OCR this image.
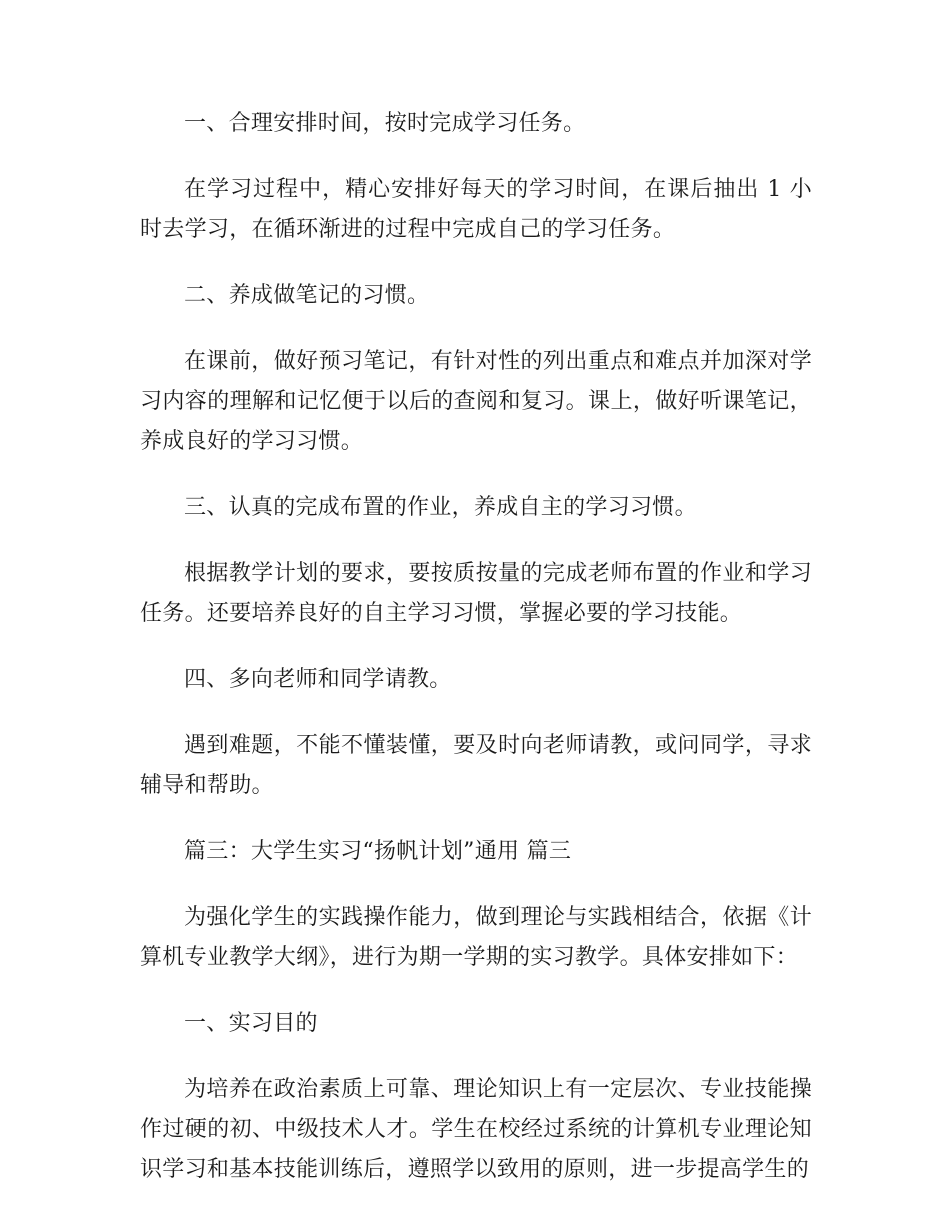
一、合理安排时间，按时完成学习任务。

在学习过程中，精心安排好每天的学习时间，在课后抽出 1 小时去学习，在循环渐进的过程中完成自己的学习任务。

二、养成做笔记的习惯。

在课前，做好预习笔记，有针对性的列出重点和难点并加深对学习内容的理解和记忆便于以后的查阅和复习。课上，做好听课笔记，养成良好的学习习惯。

三、认真的完成布置的作业，养成自主的学习习惯。

根据教学计划的要求，要按质按量的完成老师布置的作业和学习任务。还要培养良好的自主学习习惯，掌握必要的学习技能。

四、多向老师和同学请教。

遇到难题，不能不懂装懂，要及时向老师请教，或问同学，寻求辅导和帮助。

篇三：大学生实习“扬帆计划”通用 篇三

为强化学生的实践操作能力，做到理论与实践相结合，依据《计算机专业教学大纲》，进行为期一学期的实习教学。具体安排如下：

一、实习目的

为培养在政治素质上可靠、理论知识上有一定层次、专业技能操作过硬的初、中级技术人才。学生在校经过系统的计算机专业理论知识学习和基本技能训练后，遵照学以致用的原则，进一步提高学生的
